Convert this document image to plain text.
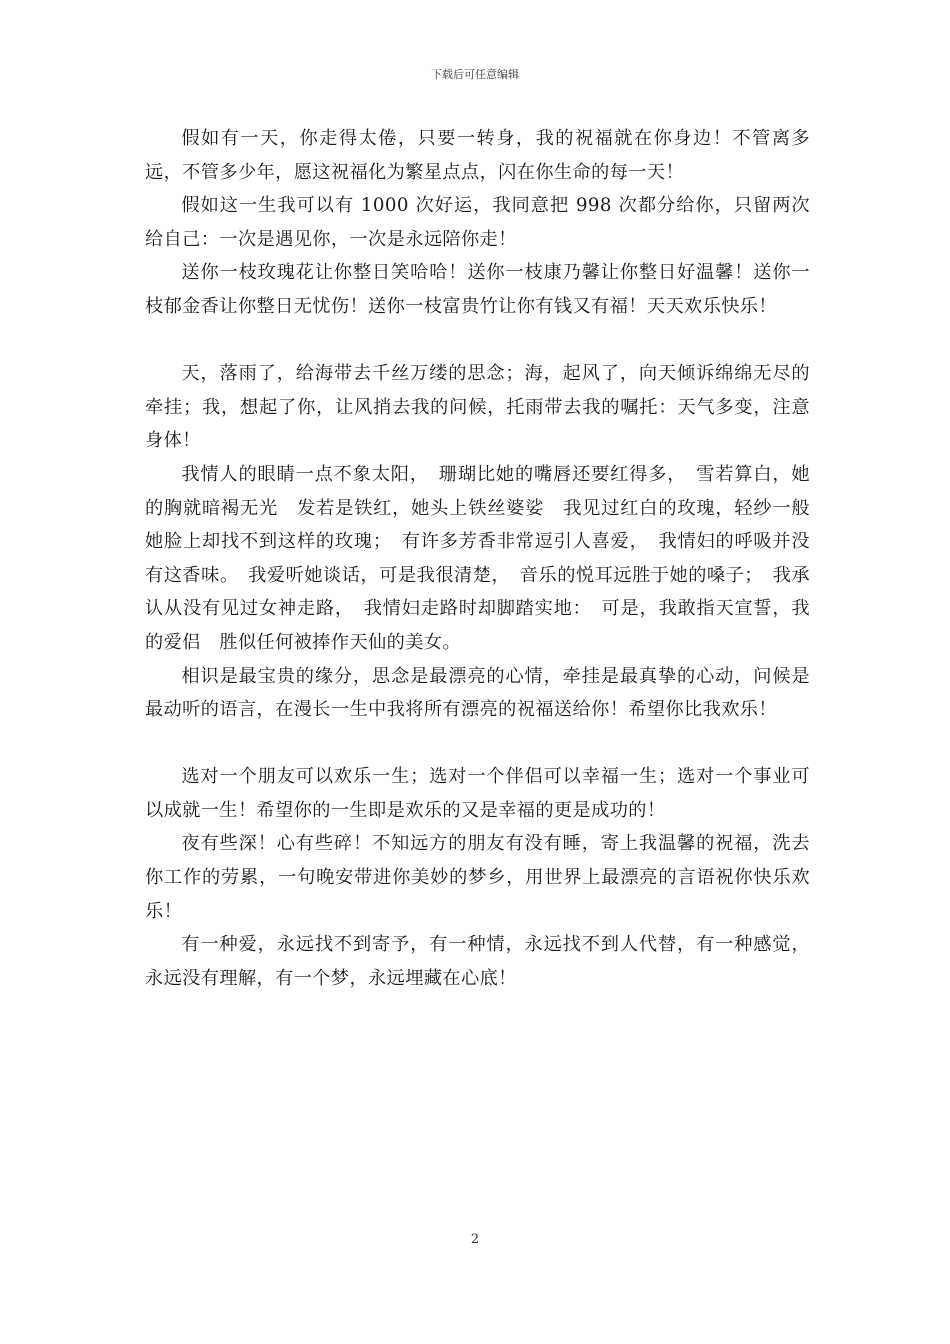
下载后可任意编辑

假如有一天，你走得太倦，只要一转身，我的祝福就在你身边！不管离多远，不管多少年，愿这祝福化为繁星点点，闪在你生命的每一天！

假如这一生我可以有 1000 次好运，我同意把 998 次都分给你，只留两次给自己：一次是遇见你，一次是永远陪你走！

送你一枝玫瑰花让你整日笑哈哈！送你一枝康乃馨让你整日好温馨！送你一枝郁金香让你整日无忧伤！送你一枝富贵竹让你有钱又有福！天天欢乐快乐！

天，落雨了，给海带去千丝万缕的思念；海，起风了，向天倾诉绵绵无尽的牵挂；我，想起了你，让风捎去我的问候，托雨带去我的嘱托：天气多变，注意身体！

我情人的眼睛一点不象太阳，　珊瑚比她的嘴唇还要红得多，　雪若算白，她的胸就暗褐无光　发若是铁红，她头上铁丝婆娑　我见过红白的玫瑰，轻纱一般　她脸上却找不到这样的玫瑰；　有许多芳香非常逗引人喜爱，　我情妇的呼吸并没有这香味。　我爱听她谈话，可是我很清楚，　音乐的悦耳远胜于她的嗓子；　我承认从没有见过女神走路，　我情妇走路时却脚踏实地：　可是，我敢指天宣誓，我的爱侣　胜似任何被捧作天仙的美女。

相识是最宝贵的缘分，思念是最漂亮的心情，牵挂是最真挚的心动，问候是最动听的语言，在漫长一生中我将所有漂亮的祝福送给你！希望你比我欢乐！

选对一个朋友可以欢乐一生；选对一个伴侣可以幸福一生；选对一个事业可以成就一生！希望你的一生即是欢乐的又是幸福的更是成功的！

夜有些深！心有些碎！不知远方的朋友有没有睡，寄上我温馨的祝福，洗去你工作的劳累，一句晚安带进你美妙的梦乡，用世界上最漂亮的言语祝你快乐欢乐！

有一种爱，永远找不到寄予，有一种情，永远找不到人代替，有一种感觉，永远没有理解，有一个梦，永远埋藏在心底！

2
